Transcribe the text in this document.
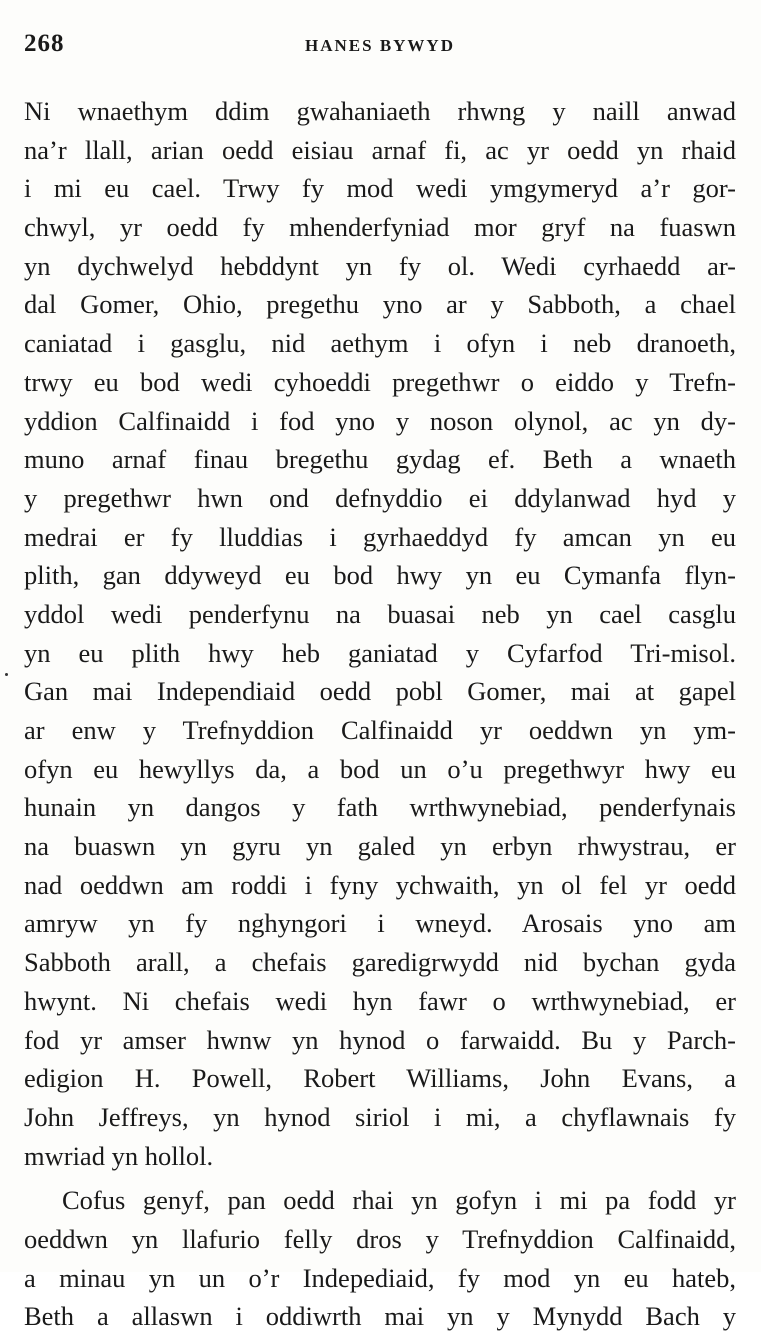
268	HANES BYWYD
Ni wnaethym ddim gwahaniaeth rhwng y naill anwad
na’r llall, arian oedd eisiau arnaf fi, ac yr oedd yn rhaid
i mi eu cael. Trwy fy mod wedi ymgymeryd a’r gor-
chwyl, yr oedd fy mhenderfyniad mor gryf na fuaswn
yn dychwelyd hebddynt yn fy ol. Wedi cyrhaedd ar-
dal Gomer, Ohio, pregethu yno ar y Sabboth, a chael
caniatad i gasglu, nid aethym i ofyn i neb dranoeth,
trwy eu bod wedi cyhoeddi pregethwr o eiddo y Trefn-
yddion Calfinaidd i fod yno y noson olynol, ac yn dy-
muno arnaf finau bregethu gydag ef. Beth a wnaeth
y pregethwr hwn ond defnyddio ei ddylanwad hyd y
medrai er fy lluddias i gyrhaeddyd fy amcan yn eu
plith, gan ddyweyd eu bod hwy yn eu Cymanfa flyn-
yddol wedi penderfynu na buasai neb yn cael casglu
yn eu plith hwy heb ganiatad y Cyfarfod Tri-misol.
Gan mai Independiaid oedd pobl Gomer, mai at gapel
ar enw y Trefnyddion Calfinaidd yr oeddwn yn ym-
ofyn eu hewyllys da, a bod un o’u pregethwyr hwy eu
hunain yn dangos y fath wrthwynebiad, penderfynais
na buaswn yn gyru yn galed yn erbyn rhwystrau, er
nad oeddwn am roddi i fyny ychwaith, yn ol fel yr oedd
amryw yn fy nghyngori i wneyd. Arosais yno am
Sabboth arall, a chefais garedigrwydd nid bychan gyda
hwynt. Ni chefais wedi hyn fawr o wrthwynebiad, er
fod yr amser hwnw yn hynod o farwaidd. Bu y Parch-
edigion H. Powell, Robert Williams, John Evans, a
John Jeffreys, yn hynod siriol i mi, a chyflawnais fy
mwriad yn hollol.
Cofus genyf, pan oedd rhai yn gofyn i mi pa fodd yr
oeddwn yn llafurio felly dros y Trefnyddion Calfinaidd,
a minau yn un o’r Indepediaid, fy mod yn eu hateb,
Beth a allaswn i oddiwrth mai yn y Mynydd Bach y
